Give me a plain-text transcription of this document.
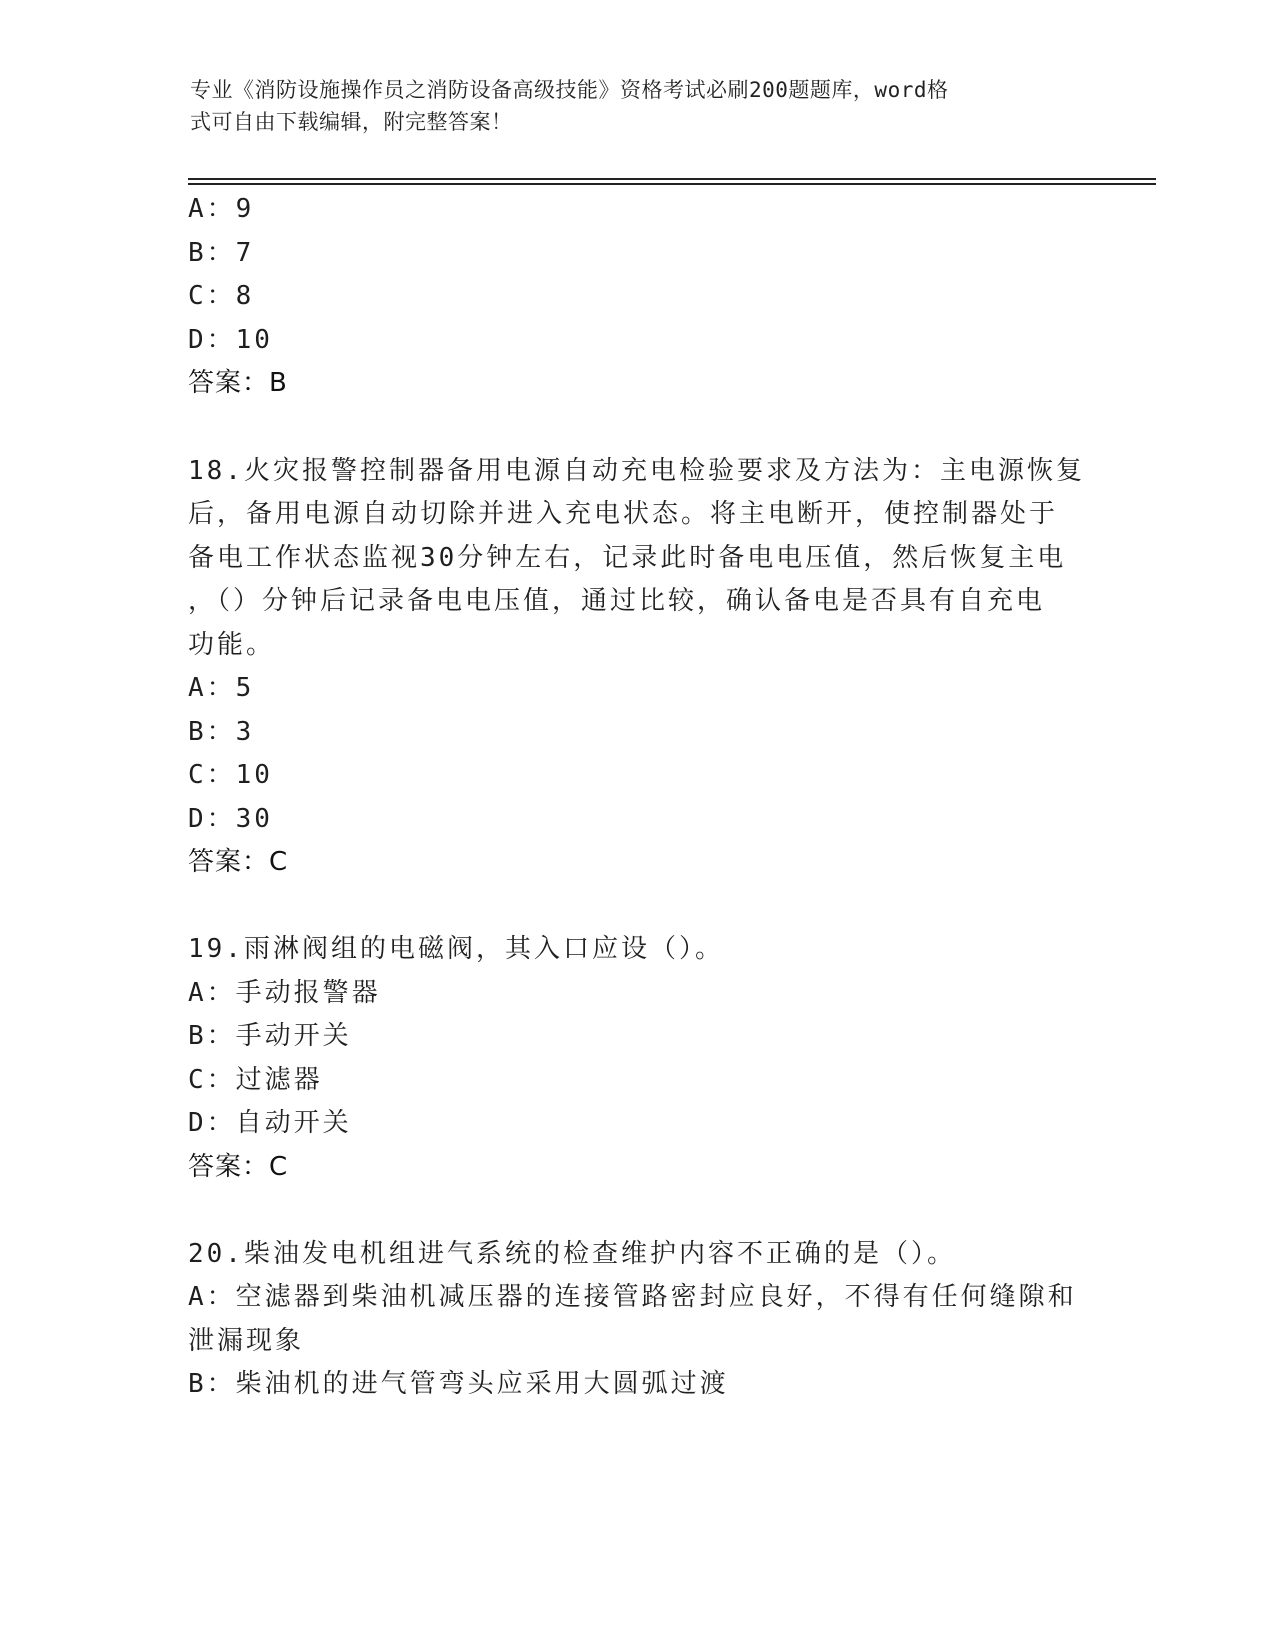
专业《消防设施操作员之消防设备高级技能》资格考试必刷200题题库，word格
式可自由下载编辑，附完整答案！
A：9
B：7
C：8
D：10
答案：B
18.火灾报警控制器备用电源自动充电检验要求及方法为：主电源恢复
后，备用电源自动切除并进入充电状态。将主电断开，使控制器处于
备电工作状态监视30分钟左右，记录此时备电电压值，然后恢复主电
，（）分钟后记录备电电压值，通过比较，确认备电是否具有自充电
功能。
A：5
B：3
C：10
D：30
答案：C
19.雨淋阀组的电磁阀，其入口应设（）。
A：手动报警器
B：手动开关
C：过滤器
D：自动开关
答案：C
20.柴油发电机组进气系统的检查维护内容不正确的是（）。
A：空滤器到柴油机减压器的连接管路密封应良好，不得有任何缝隙和
泄漏现象
B：柴油机的进气管弯头应采用大圆弧过渡
